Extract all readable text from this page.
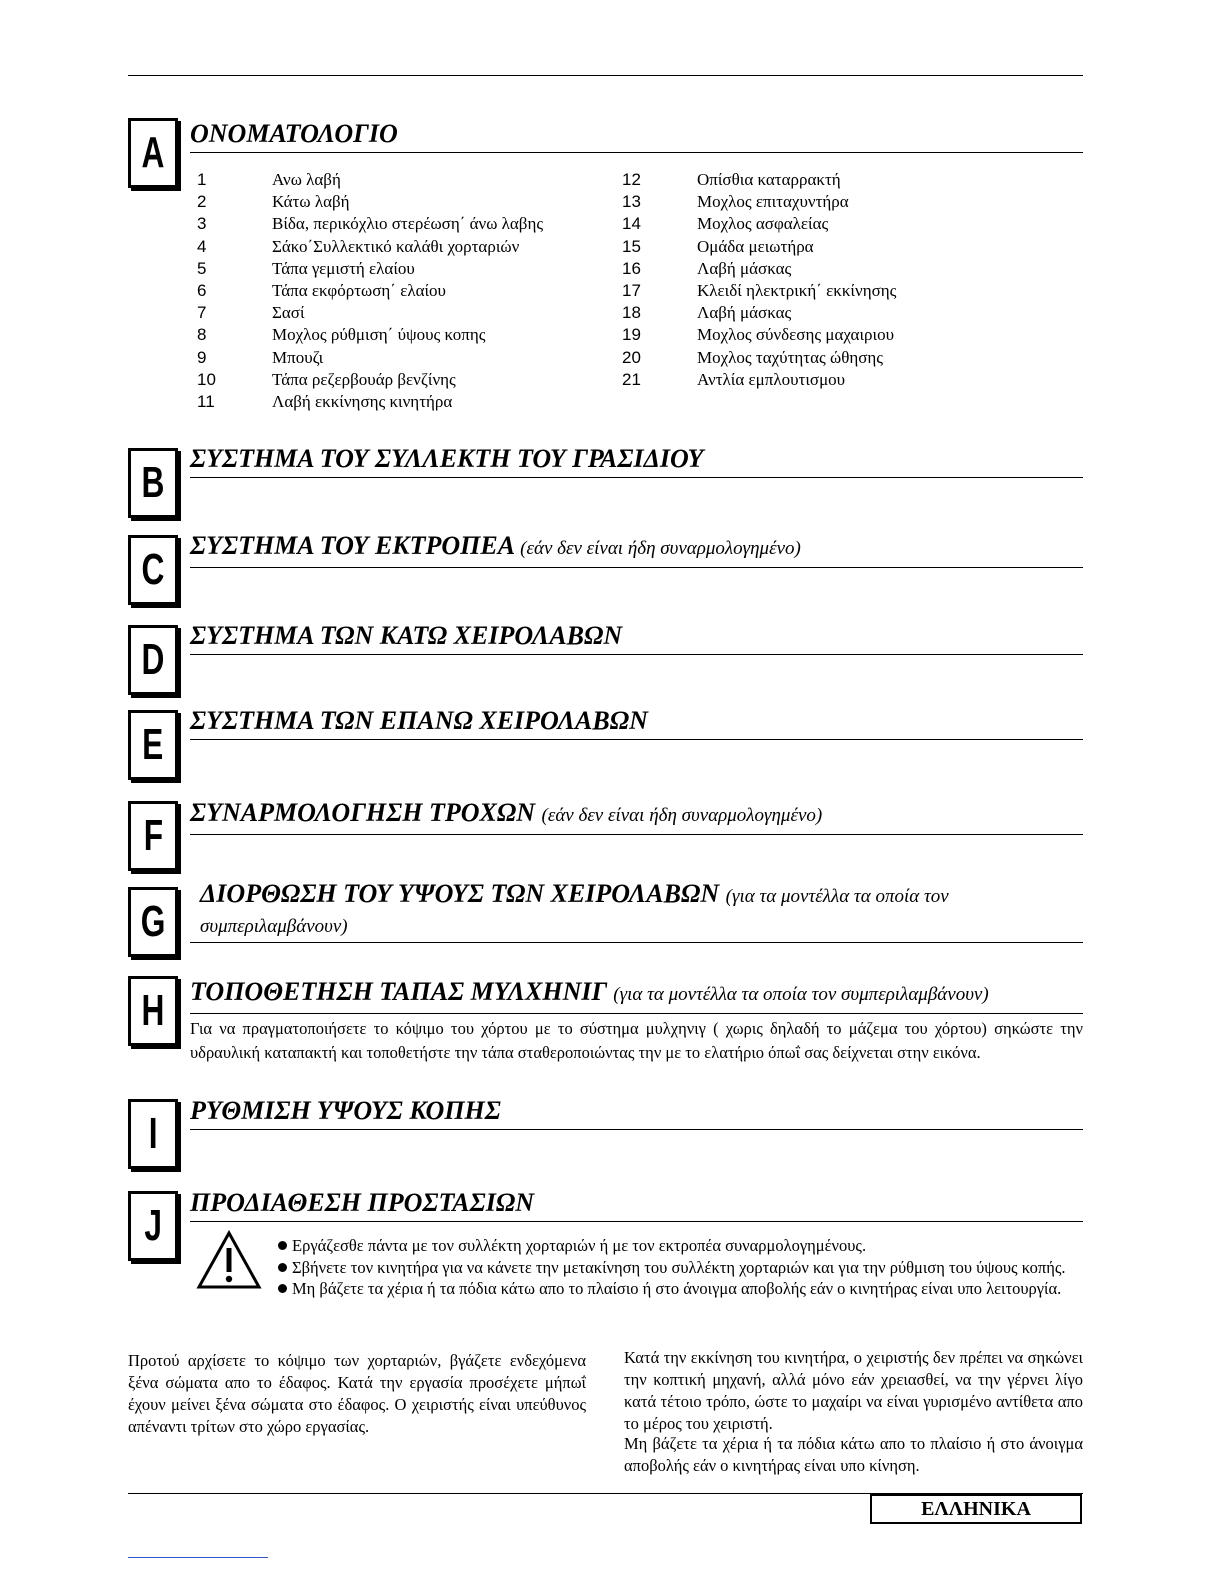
A ΟΝΟΜΑΤΟΛΟΓΙΟ
1	Ανω λαβή
2	Κάτω λαβή
3	Βίδα, περικόχλιο στερέωση΄ άνω λαβης
4	Σάκο΄Συλλεκτικό καλάθι χορταριών
5	Τάπα γεμιστή ελαίου
6	Τάπα εκφόρτωση΄ ελαίου
7	Σασί
8	Μοχλος ρύθμιση΄ ύψους κοπης
9	Μπουζι
10	Τάπα ρεζερβουάρ βενζίνης
11	Λαβή εκκίνησης κινητήρα
12	Οπίσθια καταρρακτή
13	Μοχλος επιταχυντήρα
14	Μοχλος ασφαλείας
15	Ομάδα μειωτήρα
16	Λαβή μάσκας
17	Κλειδί ηλεκτρική΄ εκκίνησης
18	Λαβή μάσκας
19	Μοχλος σύνδεσης μαχαιριου
20	Μοχλος ταχύτητας ώθησης
21	Αντλία εμπλουτισμου
B ΣΥΣΤΗΜΑ ΤΟΥ ΣΥΛΛΕΚΤΗ ΤΟΥ ΓΡΑΣΙΔΙΟΥ
C ΣΥΣΤΗΜΑ ΤΟΥ ΕΚΤΡΟΠΕΑ (εάν δεν είναι ήδη συναρμολογημένο)
D ΣΥΣΤΗΜΑ ΤΩΝ ΚΑΤΩ ΧΕΙΡΟΛΑΒΩΝ
E	ΣΥΣΤΗΜΑ ΤΩΝ ΕΠΑΝΩ ΧΕΙΡΟΛΑΒΩΝ
F	ΣΥΝΑΡΜΟΛΟΓΗΣΗ ΤΡΟΧΩΝ (εάν δεν είναι ήδη συναρμολογημένο)
G
ΔΙΟΡΘΩΣΗ ΤΟΥ ΥΨΟΥΣ ΤΩΝ ΧΕΙΡΟΛΑΒΩΝ (για τα μοντέλλα τα οποία τον
συμπεριλαμβάνουν)
H ΤΟΠΟΘΕΤΗΣΗ ΤΑΠΑΣ ΜΥΛΧΗΝΙΓ (για τα μοντέλλα τα οποία τον συμπεριλαμβάνουν)
Για να πραγματοποιήσετε το κόψιμο του χόρτου με το σύστημα μυλχηνιγ ( χωρις δηλαδή το μάζεμα του χόρτου) σηκώστε την υδραυλική καταπακτή και τοποθετήστε την τάπα σταθεροποιώντας την με το ελατήριο όπωΐ σας δείχνεται στην εικόνα.
I	ΡΥΘΜΙΣΗ ΥΨΟΥΣ ΚΟΠΗΣ
J	ΠΡΟΔΙΑΘΕΣΗ ΠΡΟΣΤΑΣΙΩΝ
Εργάζεσθε πάντα με τον συλλέκτη χορταριών ή με τον εκτροπέα συναρμολογημένους.
Σβήνετε τον κινητήρα για να κάνετε την μετακίνηση του συλλέκτη χορταριών και για την ρύθμιση του ύψους κοπής.
Μη βάζετε τα χέρια ή τα πόδια κάτω απο το πλαίσιο ή στο άνοιγμα αποβολής εάν ο κινητήρας είναι υπο λειτουργία.
Προτού αρχίσετε το κόψιμο των χορταριών, βγάζετε ενδεχόμενα ξένα σώματα απο το έδαφος. Κατά την εργασία προσέχετε μήπωΐ έχουν μείνει ξένα σώματα στο έδαφος. Ο χειριστής είναι υπεύθυνος απέναντι τρίτων στο χώρο εργασίας.
Κατά την εκκίνηση του κινητήρα, ο χειριστής δεν πρέπει να σηκώνει την κοπτική μηχανή, αλλά μόνο εάν χρειασθεί, να την γέρνει λίγο κατά τέτοιο τρόπο, ώστε το μαχαίρι να είναι γυρισμένο αντίθετα απο το μέρος του χειριστή.
Μη βάζετε τα χέρια ή τα πόδια κάτω απο το πλαίσιο ή στο άνοιγμα αποβολής εάν ο κινητήρας είναι υπο κίνηση.
ΕΛΛΗΝΙΚΑ
